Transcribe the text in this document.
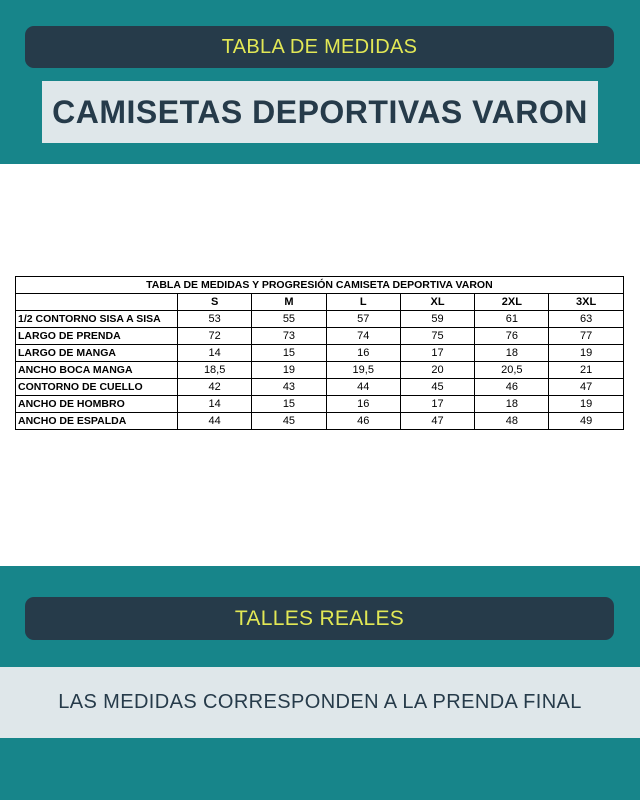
TABLA DE MEDIDAS
CAMISETAS DEPORTIVAS VARON
TABLA DE MEDIDAS Y PROGRESIÓN CAMISETA DEPORTIVA VARON						
	S	M	L	XL	2XL	3XL
1/2 CONTORNO SISA A SISA	53	55	57	59	61	63
LARGO DE PRENDA	72	73	74	75	76	77
LARGO DE MANGA	14	15	16	17	18	19
ANCHO BOCA MANGA	18,5	19	19,5	20	20,5	21
CONTORNO DE CUELLO	42	43	44	45	46	47
ANCHO DE HOMBRO	14	15	16	17	18	19
ANCHO DE ESPALDA	44	45	46	47	48	49
TALLES REALES
LAS MEDIDAS CORRESPONDEN A LA PRENDA FINAL
